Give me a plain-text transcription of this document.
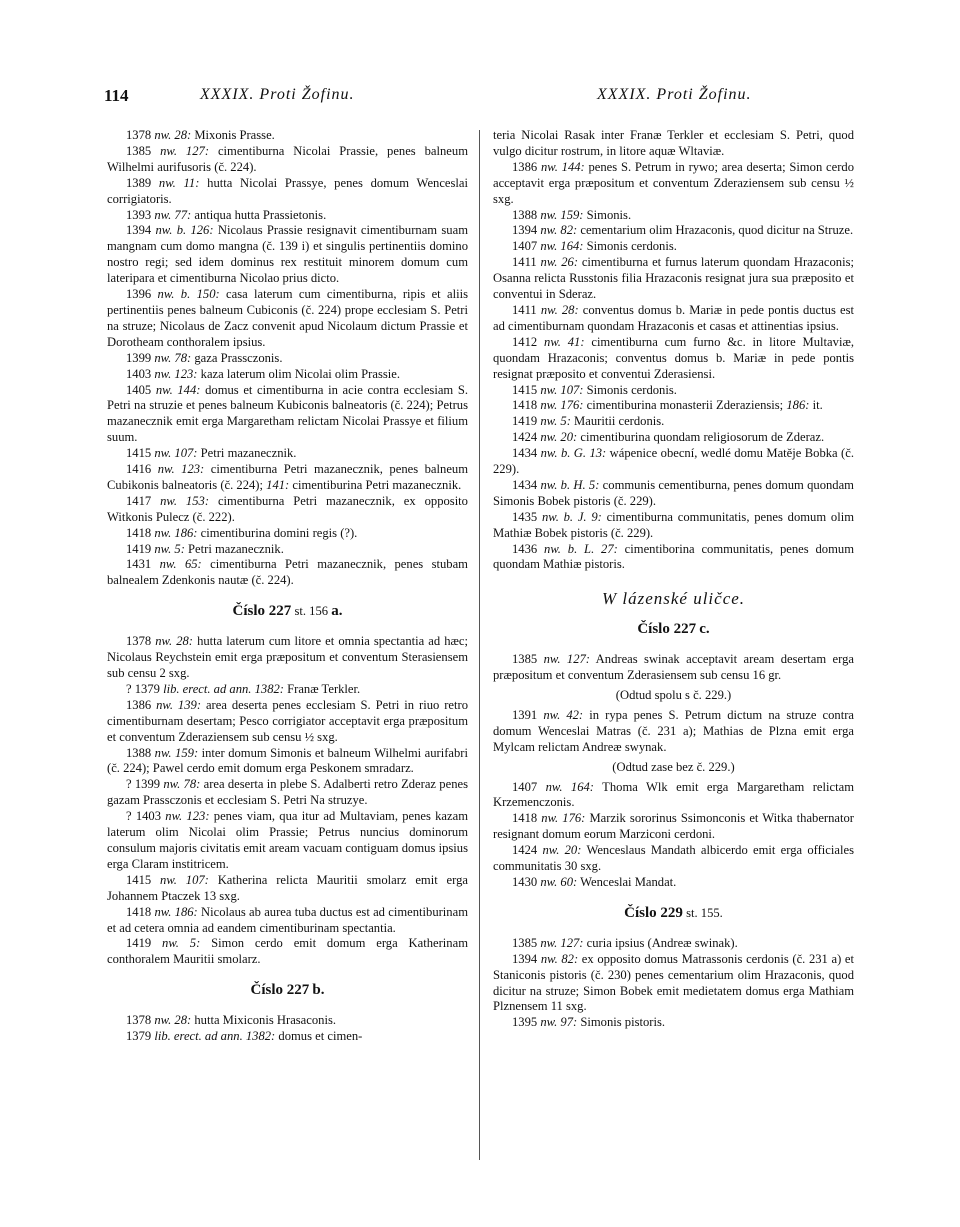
114	XXXIX. Proti Žofinu.	XXXIX. Proti Žofinu.
1378 nw. 28: Mixonis Prasse.
1385 nw. 127: cimentiburna Nicolai Prassie, penes balneum Wilhelmi aurifusoris (č. 224).
1389 nw. 11: hutta Nicolai Prassye, penes domum Wenceslai corrigiatoris.
1393 nw. 77: antiqua hutta Prassietonis.
1394 nw. b. 126: Nicolaus Prassie resignavit cimentiburnam suam mangnam cum domo mangna (č. 139 i) et singulis pertinentiis domino nostro regi; sed idem dominus rex restituit minorem domum cum lateripara et cimentiburna Nicolao prius dicto.
1396 nw. b. 150: casa laterum cum cimentiburna, ripis et aliis pertinentiis penes balneum Cubiconis (č. 224) prope ecclesiam S. Petri na struze; Nicolaus de Zacz convenit apud Nicolaum dictum Prassie et Dorotheam conthoralem ipsius.
1399 nw. 78: gaza Prassczonis.
1403 nw. 123: kaza laterum olim Nicolai olim Prassie.
1405 nw. 144: domus et cimentiburna in acie contra ecclesiam S. Petri na struzie et penes balneum Kubiconis balneatoris (č. 224); Petrus mazanecznik emit erga Margaretham relictam Nicolai Prassye et filium suum.
1415 nw. 107: Petri mazanecznik.
1416 nw. 123: cimentiburna Petri mazanecznik, penes balneum Cubikonis balneatoris (č. 224); 141: cimentiburina Petri mazanecznik.
1417 nw. 153: cimentiburna Petri mazanecznik, ex opposito Witkonis Pulecz (č. 222).
1418 nw. 186: cimentiburina domini regis (?).
1419 nw. 5: Petri mazanecznik.
1431 nw. 65: cimentiburna Petri mazanecznik, penes stubam balnealem Zdenkonis nautæ (č. 224).
Číslo 227 st. 156 a.
1378 nw. 28: hutta laterum cum litore et omnia spectantia ad hæc; Nicolaus Reychstein emit erga præpositum et conventum Sterasiensem sub censu 2 sxg.
? 1379 lib. erect. ad ann. 1382: Franæ Terkler.
1386 nw. 139: area deserta penes ecclesiam S. Petri in riuo retro cimentiburnam desertam; Pesco corrigiator acceptavit erga præpositum et conventum Zderaziensem sub censu ½ sxg.
1388 nw. 159: inter domum Simonis et balneum Wilhelmi aurifabri (č. 224); Pawel cerdo emit domum erga Peskonem smradarz.
? 1399 nw. 78: area deserta in plebe S. Adalberti retro Zderaz penes gazam Prassczonis et ecclesiam S. Petri Na struzye.
? 1403 nw. 123: penes viam, qua itur ad Multaviam, penes kazam laterum olim Nicolai olim Prassie; Petrus nuncius dominorum consulum majoris civitatis emit aream vacuam contiguam domus ipsius erga Claram institricem.
1415 nw. 107: Katherina relicta Mauritii smolarz emit erga Johannem Ptaczek 13 sxg.
1418 nw. 186: Nicolaus ab aurea tuba ductus est ad cimentiburinam et ad cetera omnia ad eandem cimentiburinam spectantia.
1419 nw. 5: Simon cerdo emit domum erga Katherinam conthoralem Mauritii smolarz.
Číslo 227 b.
1378 nw. 28: hutta Mixiconis Hrasaconis.
1379 lib. erect. ad ann. 1382: domus et cimen-
teria Nicolai Rasak inter Franæ Terkler et ecclesiam S. Petri, quod vulgo dicitur rostrum, in litore aquæ Wltaviæ.
1386 nw. 144: penes S. Petrum in rywo; area deserta; Simon cerdo acceptavit erga præpositum et conventum Zderaziensem sub censu ½ sxg.
1388 nw. 159: Simonis.
1394 nw. 82: cementarium olim Hrazaconis, quod dicitur na Struze.
1407 nw. 164: Simonis cerdonis.
1411 nw. 26: cimentiburna et furnus laterum quondam Hrazaconis; Osanna relicta Russtonis filia Hrazaconis resignat jura sua præposito et conventui in Sderaz.
1411 nw. 28: conventus domus b. Mariæ in pede pontis ductus est ad cimentiburnam quondam Hrazaconis et casas et attinentias ipsius.
1412 nw. 41: cimentiburna cum furno &c. in litore Multaviæ, quondam Hrazaconis; conventus domus b. Mariæ in pede pontis resignat præposito et conventui Zderasiensi.
1415 nw. 107: Simonis cerdonis.
1418 nw. 176: cimentiburina monasterii Zderaziensis; 186: it.
1419 nw. 5: Mauritii cerdonis.
1424 nw. 20: cimentiburina quondam religiosorum de Zderaz.
1434 nw. b. G. 13: wápenice obecní, wedlé domu Matěje Bobka (č. 229).
1434 nw. b. H. 5: communis cementiburna, penes domum quondam Simonis Bobek pistoris (č. 229).
1435 nw. b. J. 9: cimentiburna communitatis, penes domum olim Mathiæ Bobek pistoris (č. 229).
1436 nw. b. L. 27: cimentiborina communitatis, penes domum quondam Mathiæ pistoris.
W lázenské uličce.
Číslo 227 c.
1385 nw. 127: Andreas swinak acceptavit aream desertam erga præpositum et conventum Zderasiensem sub censu 16 gr.
(Odtud spolu s č. 229.)
1391 nw. 42: in rypa penes S. Petrum dictum na struze contra domum Wenceslai Matras (č. 231 a); Mathias de Plzna emit erga Mylcam relictam Andreæ swynak.
(Odtud zase bez č. 229.)
1407 nw. 164: Thoma Wlk emit erga Margaretham relictam Krzemenczonis.
1418 nw. 176: Marzik sororinus Ssimonconis et Witka thabernator resignant domum eorum Marziconi cerdoni.
1424 nw. 20: Wenceslaus Mandath albicerdo emit erga officiales communitatis 30 sxg.
1430 nw. 60: Wenceslai Mandat.
Číslo 229 st. 155.
1385 nw. 127: curia ipsius (Andreæ swinak).
1394 nw. 82: ex opposito domus Matrassonis cerdonis (č. 231 a) et Staniconis pistoris (č. 230) penes cementarium olim Hrazaconis, quod dicitur na struze; Simon Bobek emit medietatem domus erga Mathiam Plznensem 11 sxg.
1395 nw. 97: Simonis pistoris.
